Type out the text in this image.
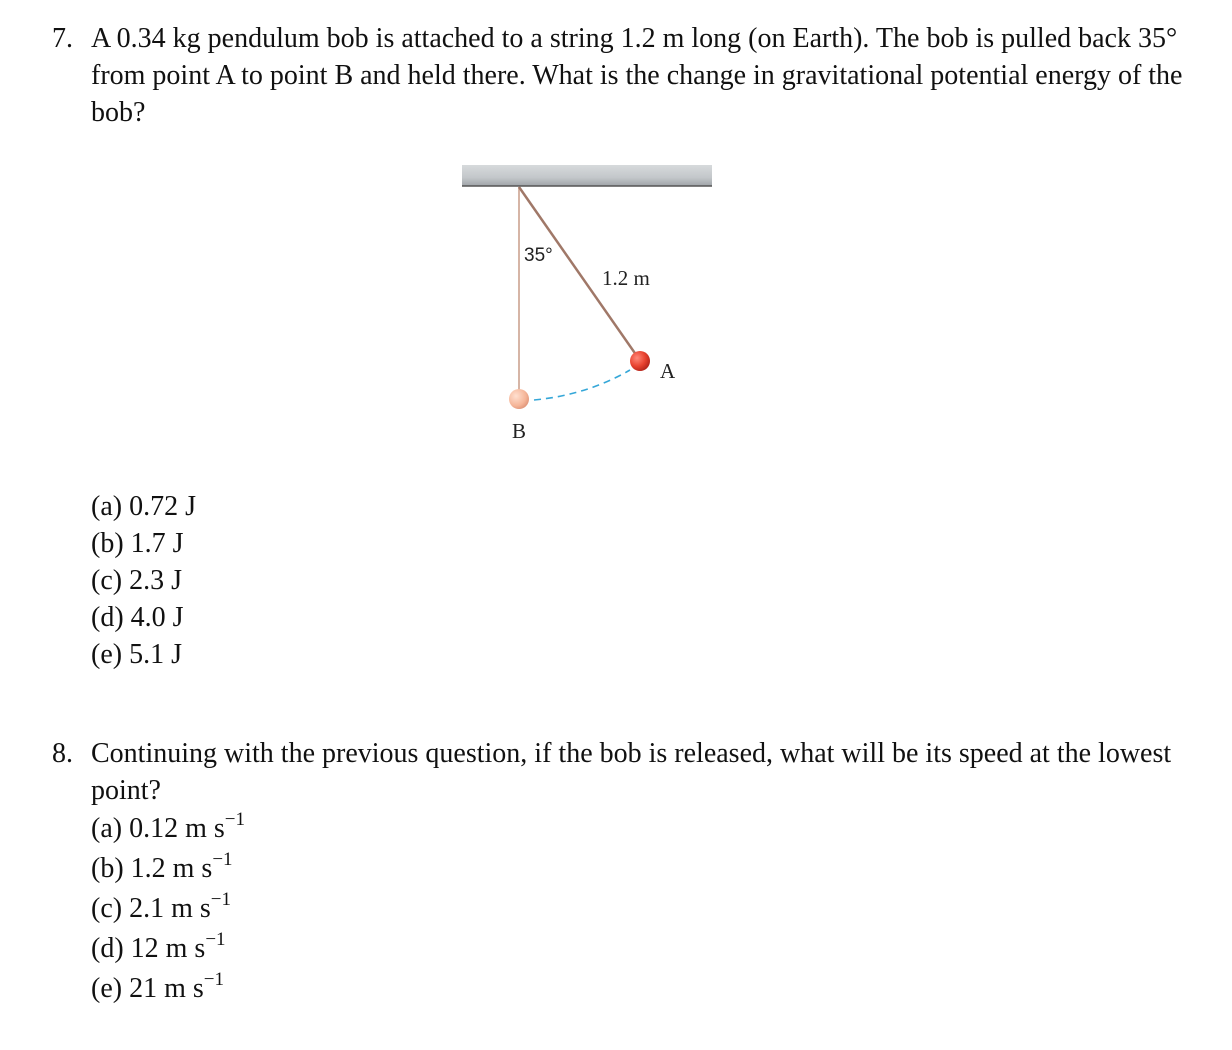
7. A 0.34 kg pendulum bob is attached to a string 1.2 m long (on Earth). The bob is pulled back 35° from point A to point B and held there. What is the change in gravitational potential energy of the bob?
35°
1.2 m
A
B
(a) 0.72 J
(b) 1.7 J
(c) 2.3 J
(d) 4.0 J
(e) 5.1 J
8. Continuing with the previous question, if the bob is released, what will be its speed at the lowest point?
(a) 0.12 m $s^{-1}$
(b) 1.2 m $s^{-1}$
(c) 2.1 m $s^{-1}$
(d) 12 m $s^{-1}$
(e) 21 m $s^{-1}$
